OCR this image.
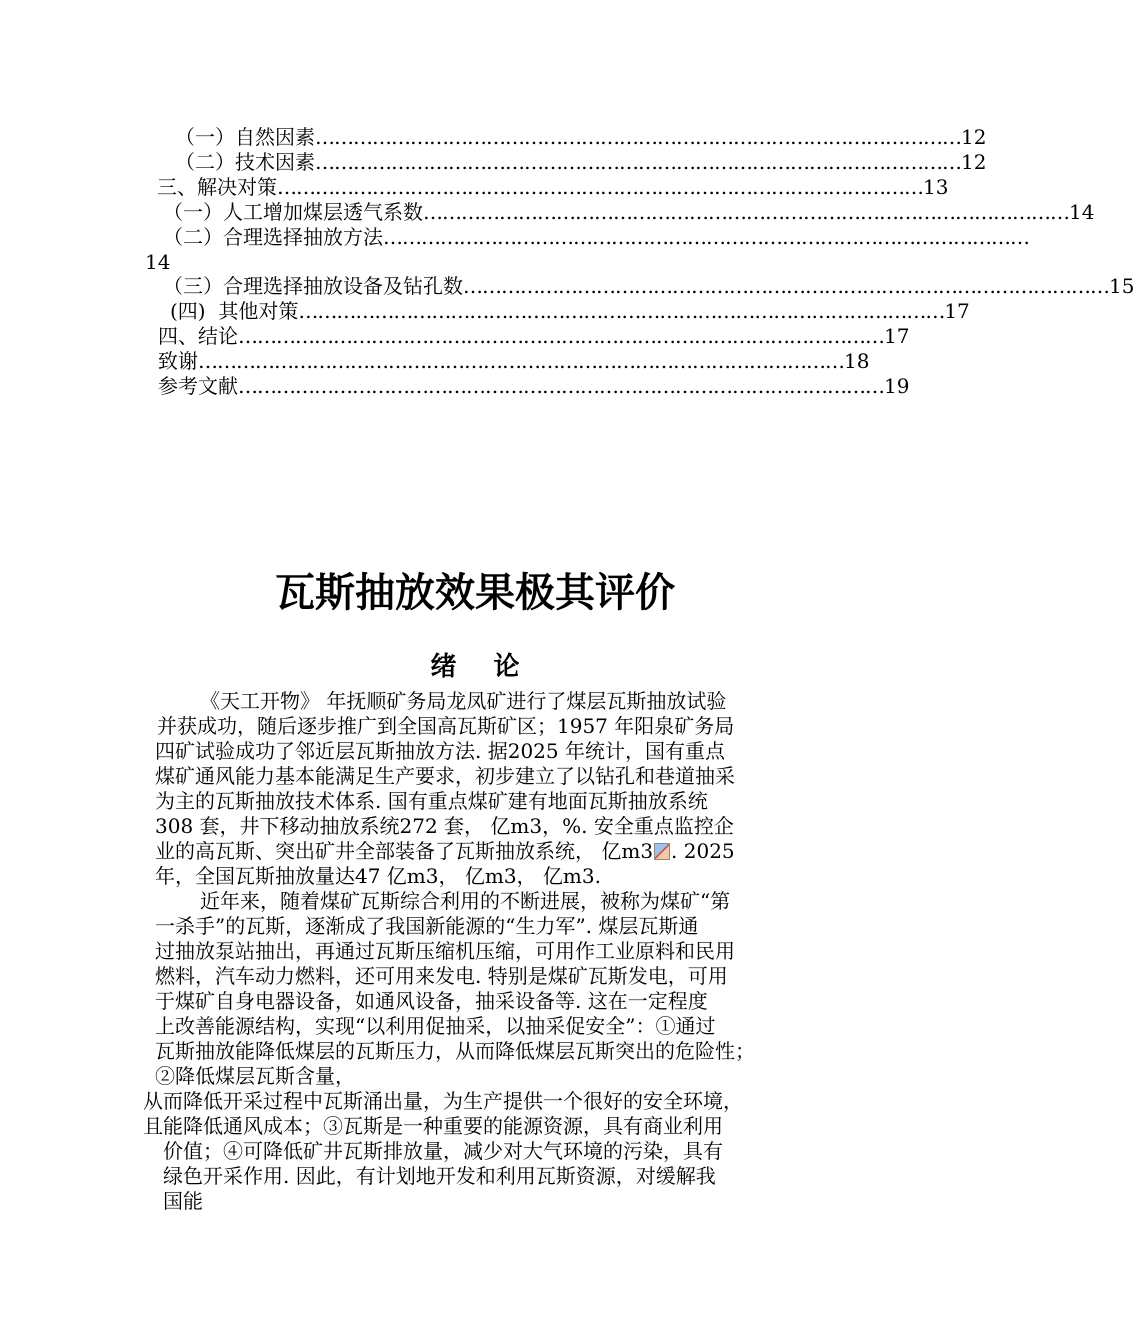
（一）自然因素 ………………………………………………………………………………………… 12
（二）技术因素 ………………………………………………………………………………………… 12
三、解决对策 ………………………………………………………………………………………… 13
（一）人工增加煤层透气系数 ………………………………………………………………………………………… 14
（二）合理选择抽放方法 …………………………………………………………………………………………
14
（三）合理选择抽放设备及钻孔数 ………………………………………………………………………………………… 15
(四)  其他对策 ………………………………………………………………………………………… 17
四、结论 ………………………………………………………………………………………… 17
致谢 ………………………………………………………………………………………… 18
参考文献 ………………………………………………………………………………………… 19
瓦斯抽放效果极其评价
绪 论
《天工开物》 年抚顺矿务局龙凤矿进行了煤层瓦斯抽放试验
并获成功，随后逐步推广到全国高瓦斯矿区；1957 年阳泉矿务局
四矿试验成功了邻近层瓦斯抽放方法. 据2025 年统计，国有重点
煤矿通风能力基本能满足生产要求，初步建立了以钻孔和巷道抽采
为主的瓦斯抽放技术体系. 国有重点煤矿建有地面瓦斯抽放系统
308 套，井下移动抽放系统272 套， 亿m3，%. 安全重点监控企
业的高瓦斯、突出矿井全部装备了瓦斯抽放系统， 亿m3 . 2025
年，全国瓦斯抽放量达47 亿m3， 亿m3， 亿m3.
近年来，随着煤矿瓦斯综合利用的不断进展，被称为煤矿“第
一杀手”的瓦斯，逐渐成了我国新能源的“生力军”. 煤层瓦斯通
过抽放泵站抽出，再通过瓦斯压缩机压缩，可用作工业原料和民用
燃料，汽车动力燃料，还可用来发电. 特别是煤矿瓦斯发电，可用
于煤矿自身电器设备，如通风设备，抽采设备等. 这在一定程度
上改善能源结构，实现“以利用促抽采，以抽采促安全”：①通过
瓦斯抽放能降低煤层的瓦斯压力，从而降低煤层瓦斯突出的危险性；
②降低煤层瓦斯含量，
从而降低开采过程中瓦斯涌出量，为生产提供一个很好的安全环境，
且能降低通风成本；③瓦斯是一种重要的能源资源，具有商业利用
价值；④可降低矿井瓦斯排放量，减少对大气环境的污染，具有
绿色开采作用. 因此，有计划地开发和利用瓦斯资源，对缓解我
国能
